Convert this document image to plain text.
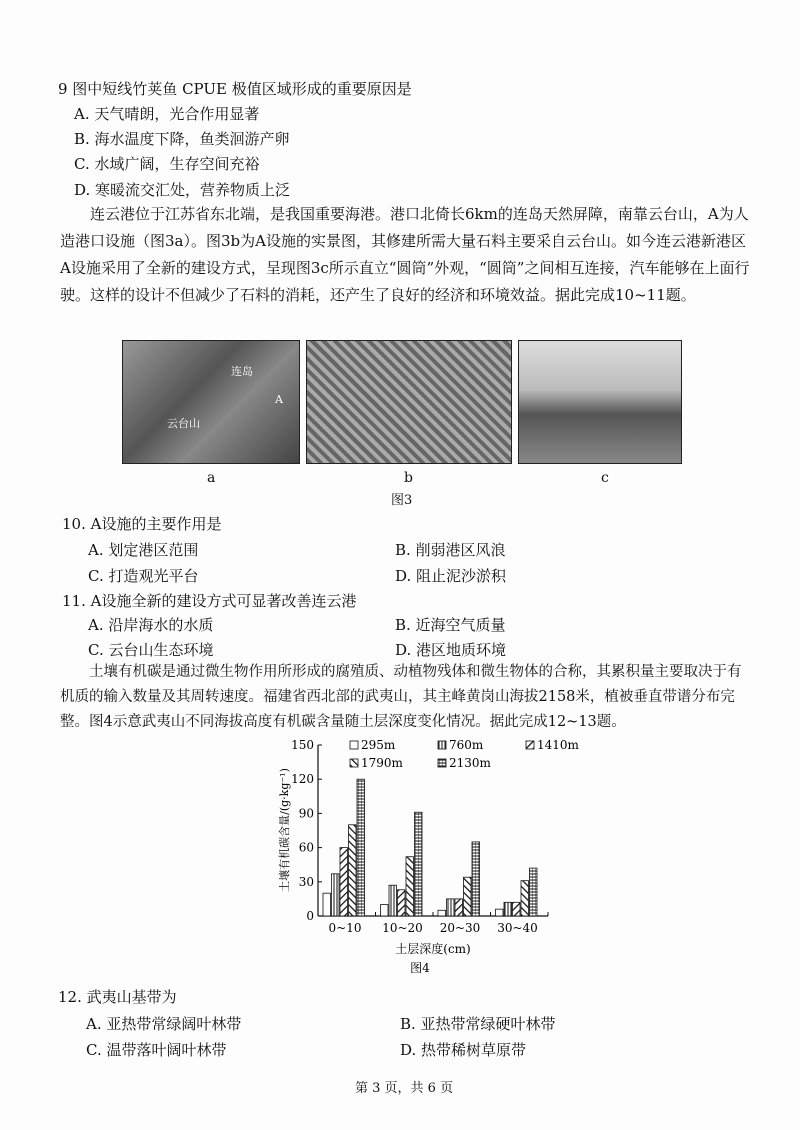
9 图中短线竹荚鱼 CPUE 极值区域形成的重要原因是
A. 天气晴朗，光合作用显著
B. 海水温度下降，鱼类洄游产卵
C. 水域广阔，生存空间充裕
D. 寒暖流交汇处，营养物质上泛
连云港位于江苏省东北端，是我国重要海港。港口北倚长6km的连岛天然屏障，南靠云台山，A为人造港口设施（图3a）。图3b为A设施的实景图，其修建所需大量石料主要采自云台山。如今连云港新港区A设施采用了全新的建设方式，呈现图3c所示直立“圆筒”外观，“圆筒”之间相互连接，汽车能够在上面行驶。这样的设计不但减少了石料的消耗，还产生了良好的经济和环境效益。据此完成10~11题。
连岛
A
云台山
a	b	c
图3
10. A设施的主要作用是
A. 划定港区范围	B. 削弱港区风浪
C. 打造观光平台	D. 阻止泥沙淤积
11. A设施全新的建设方式可显著改善连云港
A. 沿岸海水的水质	B. 近海空气质量
C. 云台山生态环境	D. 港区地质环境
土壤有机碳是通过微生物作用所形成的腐殖质、动植物残体和微生物体的合称，其累积量主要取决于有机质的输入数量及其周转速度。福建省西北部的武夷山，其主峰黄岗山海拔2158米，植被垂直带谱分布完整。图4示意武夷山不同海拔高度有机碳含量随土层深度变化情况。据此完成12~13题。
0
30
60
90
120
150
0~10 10~20 20~30 30~40
土层深度(cm)
土壤有机碳含量/(g·kg⁻¹)
295m	760m	1410m
1790m	2130m
图4
12. 武夷山基带为
A. 亚热带常绿阔叶林带	B. 亚热带常绿硬叶林带
C. 温带落叶阔叶林带	D. 热带稀树草原带
第 3 页，共 6 页
